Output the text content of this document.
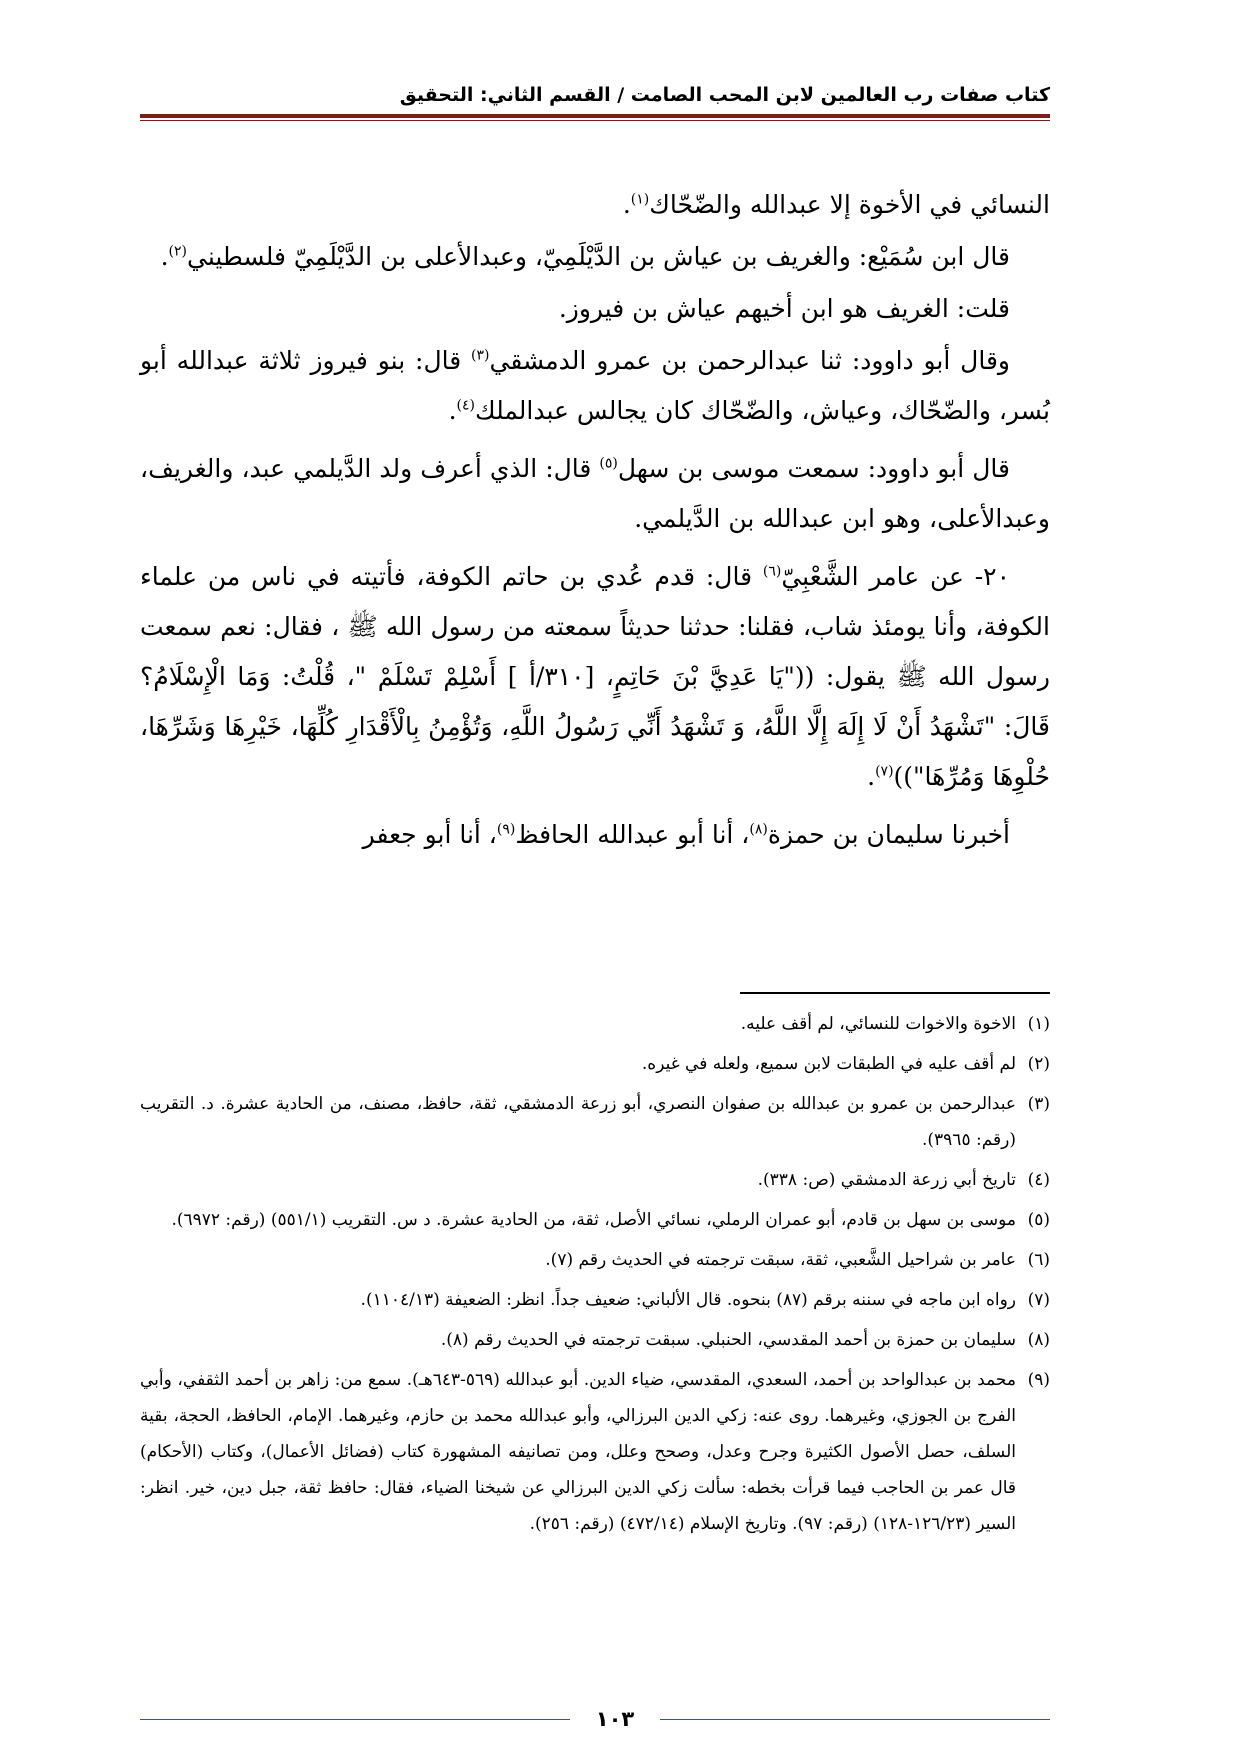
كتاب صفات رب العالمين لابن المحب الصامت / القسم الثاني: التحقيق

النسائي في الأخوة إلا عبدالله والضّحّاك$^{(١)}$.

قال ابن سُمَيْع: والغريف بن عياش بن الدَّيْلَمِيّ، وعبدالأعلى بن الدَّيْلَمِيّ فلسطيني$^{(٢)}$.

قلت: الغريف هو ابن أخيهم عياش بن فيروز.

وقال أبو داوود: ثنا عبدالرحمن بن عمرو الدمشقي$^{(٣)}$ قال: بنو فيروز ثلاثة عبدالله أبو بُسر، والضّحّاك، وعياش، والضّحّاك كان يجالس عبدالملك$^{(٤)}$.

قال أبو داوود: سمعت موسى بن سهل$^{(٥)}$ قال: الذي أعرف ولد الدَّيلمي عبد، والغريف، وعبدالأعلى، وهو ابن عبدالله بن الدَّيلمي.

٢٠- عن عامر الشَّعْبِيّ$^{(٦)}$ قال: قدم عُدي بن حاتم الكوفة، فأتيته في ناس من علماء الكوفة، وأنا يومئذ شاب، فقلنا: حدثنا حديثاً سمعته من رسول الله ﷺ ، فقال: نعم سمعت رسول الله ﷺ يقول: (("يَا عَدِيَّ بْنَ حَاتِمٍ، [٣١٠/أ ] أَسْلِمْ تَسْلَمْ "، قُلْتُ: وَمَا الْإِسْلَامُ؟ قَالَ: "تَشْهَدُ أَنْ لَا إِلَهَ إِلَّا اللَّهُ، وَ تَشْهَدُ أَنِّي رَسُولُ اللَّهِ، وَتُؤْمِنُ بِالْأَقْدَارِ كُلِّهَا، خَيْرِهَا وَشَرِّهَا، حُلْوِهَا وَمُرِّهَا"))$^{(٧)}$.

أخبرنا سليمان بن حمزة$^{(٨)}$، أنا أبو عبدالله الحافظ$^{(٩)}$، أنا أبو جعفر

(١)الاخوة والاخوات للنسائي، لم أقف عليه.
(٢)لم أقف عليه في الطبقات لابن سميع، ولعله في غيره.
(٣)عبدالرحمن بن عمرو بن عبدالله بن صفوان النصري، أبو زرعة الدمشقي، ثقة، حافظ، مصنف، من الحادية عشرة. د. التقريب (رقم: ٣٩٦٥).
(٤)تاريخ أبي زرعة الدمشقي (ص: ٣٣٨).
(٥)موسى بن سهل بن قادم، أبو عمران الرملي، نسائي الأصل، ثقة، من الحادية عشرة. د س. التقريب (٥٥١/١) (رقم: ٦٩٧٢).
(٦)عامر بن شراحيل الشَّعبي، ثقة، سبقت ترجمته في الحديث رقم (٧).
(٧)رواه ابن ماجه في سننه برقم (٨٧) بنحوه. قال الألباني: ضعيف جداً. انظر: الضعيفة (١١٠٤/١٣).
(٨)سليمان بن حمزة بن أحمد المقدسي، الحنبلي. سبقت ترجمته في الحديث رقم (٨).
(٩)محمد بن عبدالواحد بن أحمد، السعدي، المقدسي، ضياء الدين. أبو عبدالله (٥٦٩-٦٤٣هـ). سمع من: زاهر بن أحمد الثقفي، وأبي الفرج بن الجوزي، وغيرهما. روى عنه: زكي الدين البرزالي، وأبو عبدالله محمد بن حازم، وغيرهما. الإمام، الحافظ، الحجة، بقية السلف، حصل الأصول الكثيرة وجرح وعدل، وصحح وعلل، ومن تصانيفه المشهورة كتاب (فضائل الأعمال)، وكتاب (الأحكام) قال عمر بن الحاجب فيما قرأت بخطه: سألت زكي الدين البرزالي عن شيخنا الضياء، فقال: حافظ ثقة، جبل دين، خير. انظر: السير (١٢٦/٢٣-١٢٨) (رقم: ٩٧). وتاريخ الإسلام (٤٧٢/١٤) (رقم: ٢٥٦).
١٠٣
